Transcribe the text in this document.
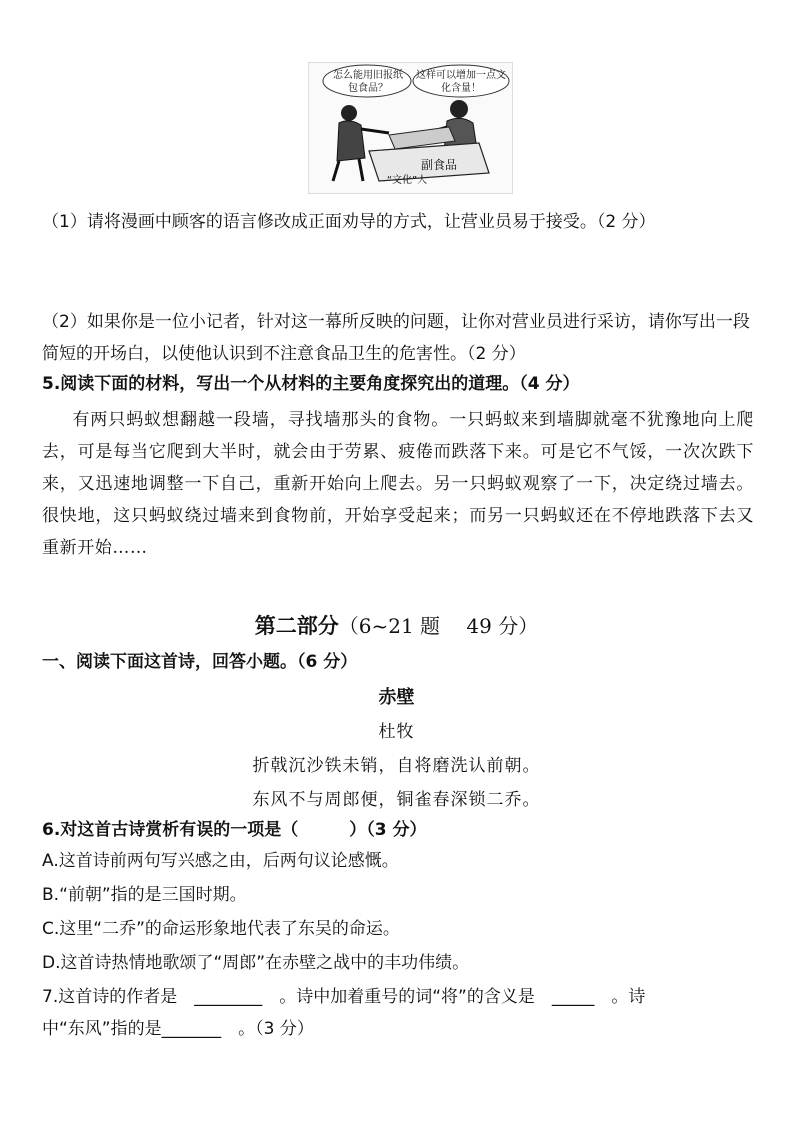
副食品
怎么能用旧报纸包食品？
这样可以增加一点文化含量！
“文化”人
（1）请将漫画中顾客的语言修改成正面劝导的方式，让营业员易于接受。（2 分）
（2）如果你是一位小记者，针对这一幕所反映的问题，让你对营业员进行采访，请你写出一段简短的开场白，以使他认识到不注意食品卫生的危害性。（2 分）
5.阅读下面的材料，写出一个从材料的主要角度探究出的道理。（4 分）
有两只蚂蚁想翻越一段墙，寻找墙那头的食物。一只蚂蚁来到墙脚就毫不犹豫地向上爬去，可是每当它爬到大半时，就会由于劳累、疲倦而跌落下来。可是它不气馁，一次次跌下来，又迅速地调整一下自己，重新开始向上爬去。另一只蚂蚁观察了一下，决定绕过墙去。很快地，这只蚂蚁绕过墙来到食物前，开始享受起来；而另一只蚂蚁还在不停地跌落下去又重新开始……
第二部分（6~21 题　 49 分）
一、阅读下面这首诗，回答小题。（6 分）
赤壁
杜牧
折戟沉沙铁未销，自将磨洗认前朝。
东风不与周郎便，铜雀春深锁二乔。
6.对这首古诗赏析有误的一项是（　　　）（3 分）
A.这首诗前两句写兴感之由，后两句议论感慨。
B.“前朝”指的是三国时期。
C.这里“二乔”的命运形象地代表了东吴的命运。
D.这首诗热情地歌颂了“周郎”在赤壁之战中的丰功伟绩。
7.这首诗的作者是　________　。诗中加着重号的词“将”的含义是　_____　。诗
中“东风”指的是_______　。（3 分）
